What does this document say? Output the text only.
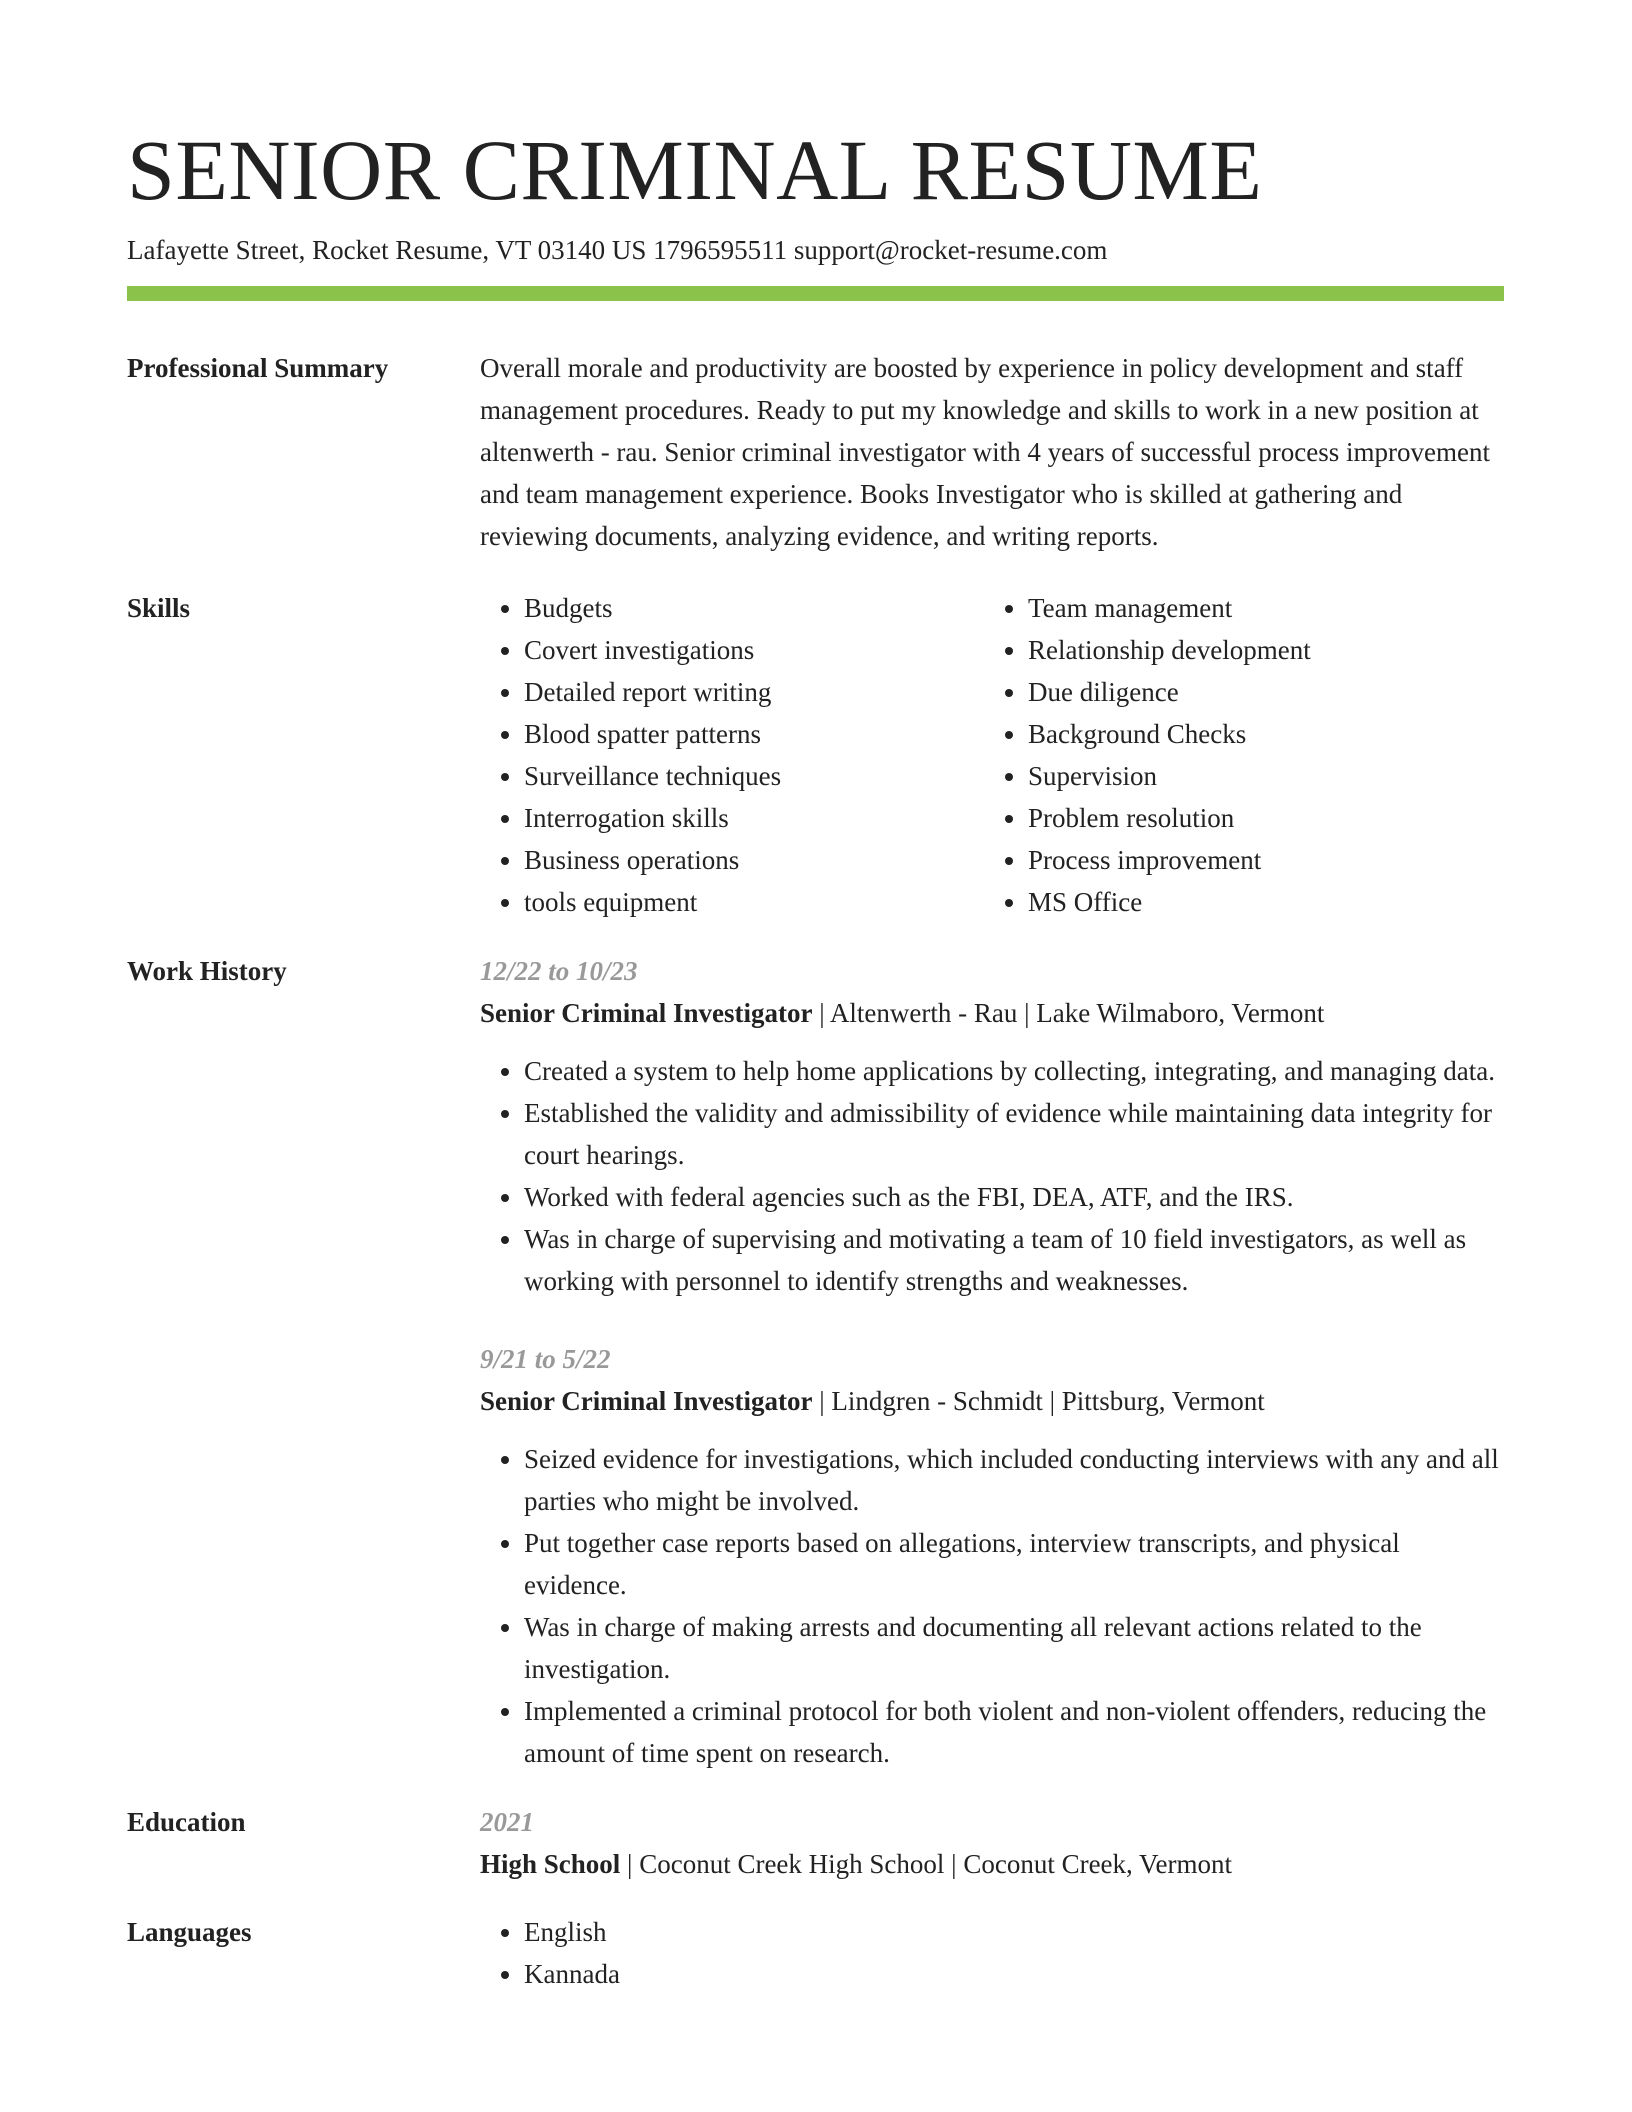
SENIOR CRIMINAL RESUME
Lafayette Street, Rocket Resume, VT 03140 US 1796595511 support@rocket-resume.com
Professional Summary	Overall morale and productivity are boosted by experience in policy development and staff management procedures. Ready to put my knowledge and skills to work in a new position at altenwerth - rau. Senior criminal investigator with 4 years of successful process improvement and team management experience. Books Investigator who is skilled at gathering and reviewing documents, analyzing evidence, and writing reports.

Skills	• Budgets
• Covert investigations
• Detailed report writing
• Blood spatter patterns
• Surveillance techniques
• Interrogation skills
• Business operations
• tools equipment
• Team management
• Relationship development
• Due diligence
• Background Checks
• Supervision
• Problem resolution
• Process improvement
• MS Office
Work History	12/22 to 10/23
Senior Criminal Investigator | Altenwerth - Rau | Lake Wilmaboro, Vermont
• Created a system to help home applications by collecting, integrating, and managing data.
• Established the validity and admissibility of evidence while maintaining data integrity for court hearings.
• Worked with federal agencies such as the FBI, DEA, ATF, and the IRS.
• Was in charge of supervising and motivating a team of 10 field investigators, as well as working with personnel to identify strengths and weaknesses.
9/21 to 5/22
Senior Criminal Investigator | Lindgren - Schmidt | Pittsburg, Vermont
• Seized evidence for investigations, which included conducting interviews with any and all parties who might be involved.
• Put together case reports based on allegations, interview transcripts, and physical evidence.
• Was in charge of making arrests and documenting all relevant actions related to the investigation.
• Implemented a criminal protocol for both violent and non-violent offenders, reducing the amount of time spent on research.
Education	2021
High School | Coconut Creek High School | Coconut Creek, Vermont
Languages	• English
• Kannada
